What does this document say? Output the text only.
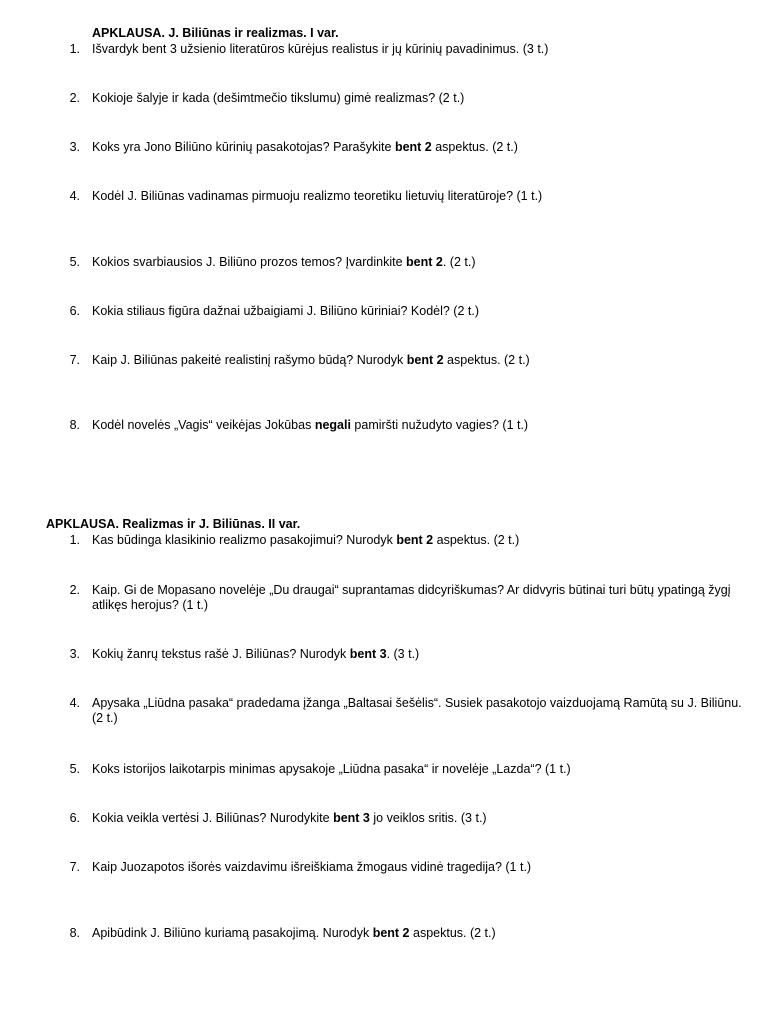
APKLAUSA. J. Biliūnas ir realizmas. I var.
1. Išvardyk bent 3 užsienio literatūros kūrėjus realistus ir jų kūrinių pavadinimus. (3 t.)
2. Kokioje šalyje ir kada (dešimtmečio tikslumu) gimė realizmas? (2 t.)
3. Koks yra Jono Biliūno kūrinių pasakotojas? Parašykite bent 2 aspektus. (2 t.)
4. Kodėl J. Biliūnas vadinamas pirmuoju realizmo teoretiku lietuvių literatūroje? (1 t.)
5. Kokios svarbiausios J. Biliūno prozos temos? Įvardinkite bent 2. (2 t.)
6. Kokia stiliaus figūra dažnai užbaigiami J. Biliūno kūriniai? Kodėl? (2 t.)
7. Kaip J. Biliūnas pakeitė realistinį rašymo būdą? Nurodyk bent 2 aspektus. (2 t.)
8. Kodėl novelės „Vagis“ veikėjas Jokūbas negali pamiršti nužudyto vagies? (1 t.)
APKLAUSA. Realizmas ir J. Biliūnas. II var.
1. Kas būdinga klasikinio realizmo pasakojimui? Nurodyk bent 2 aspektus. (2 t.)
2. Kaip. Gi de Mopasano novelėje „Du draugai“ suprantamas didcyriškumas? Ar didvyris būtinai turi būtų ypatingą žygį atlikęs herojus? (1 t.)
3. Kokių žanrų tekstus rašė J. Biliūnas? Nurodyk bent 3. (3 t.)
4. Apysaka „Liūdna pasaka“ pradedama įžanga „Baltasai šešėlis“. Susiek pasakotojo vaizduojamą Ramūtą su J. Biliūnu. (2 t.)
5. Koks istorijos laikotarpis minimas apysakoje „Liūdna pasaka“ ir novelėje „Lazda“? (1 t.)
6. Kokia veikla vertėsi J. Biliūnas? Nurodykite bent 3 jo veiklos sritis. (3 t.)
7. Kaip Juozapotos išorės vaizdavimu išreiškiama žmogaus vidinė tragedija? (1 t.)
8. Apibūdink J. Biliūno kuriamą pasakojimą. Nurodyk bent 2 aspektus. (2 t.)
